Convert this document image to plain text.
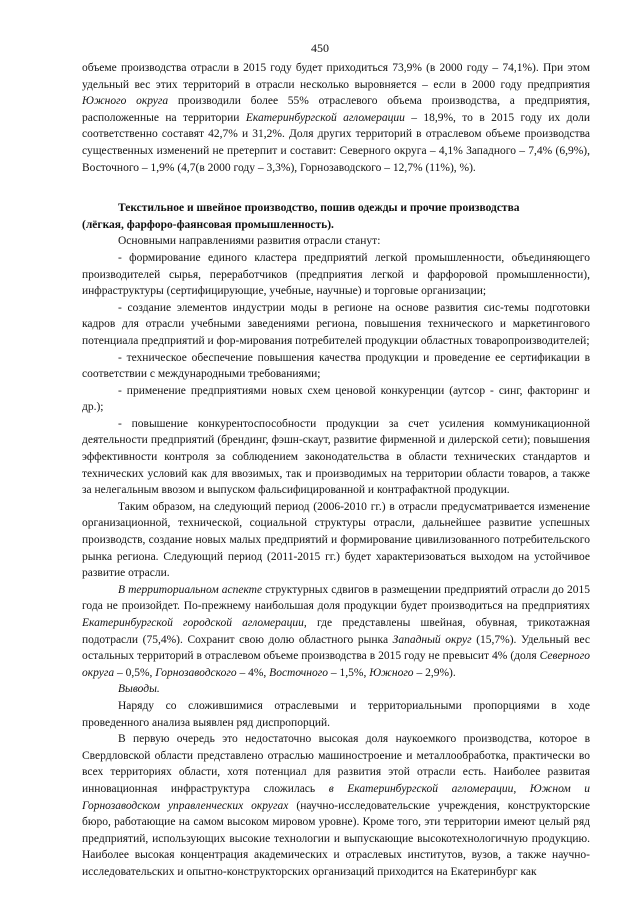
450

объеме производства отрасли в 2015 году будет приходиться 73,9% (в 2000 году – 74,1%). При этом удельный вес этих территорий в отрасли несколько выровняется – если в 2000 году предприятия Южного округа производили более 55% отраслевого объема производства, а предприятия, расположенные на территории Екатеринбургской агломерации – 18,9%, то в 2015 году их доли соответственно составят 42,7% и 31,2%. Доля других территорий в отраслевом объеме производства существенных изменений не претерпит и составит: Северного округа – 4,1% Западного – 7,4% (6,9%), Восточного – 1,9% (4,7(в 2000 году – 3,3%), Горнозаводского – 12,7% (11%), %).

Текстильное и швейное производство, пошив одежды и прочие производства

(лёгкая, фарфоро-фаянсовая промышленность).

Основными направлениями развития отрасли станут:

- формирование единого кластера предприятий легкой промышленности, объединяющего производителей сырья, переработчиков (предприятия легкой и фарфоровой промышленности), инфраструктуры (сертифицирующие, учебные, научные) и торговые организации;

- создание элементов индустрии моды в регионе на основе развития сис-темы подготовки кадров для отрасли учебными заведениями региона, повышения технического и маркетингового потенциала предприятий и фор-мирования потребителей продукции областных товаропроизводителей;

- техническое обеспечение повышения качества продукции и проведение ее сертификации в соответствии с международными требованиями;

- применение предприятиями новых схем ценовой конкуренции (аутсор - синг, факторинг и др.);

- повышение конкурентоспособности продукции за счет усиления коммуникационной деятельности предприятий (брендинг, фэшн-скаут, развитие фирменной и дилерской сети); повышения эффективности контроля за соблюдением законодательства в области технических стандартов и технических условий как для ввозимых, так и производимых на территории области товаров, а также за нелегальным ввозом и выпуском фальсифицированной и контрафактной продукции.

Таким образом, на следующий период (2006-2010 гг.) в отрасли предусматривается изменение организационной, технической, социальной структуры отрасли, дальнейшее развитие успешных производств, создание новых малых предприятий и формирование цивилизованного потребительского рынка региона. Следующий период (2011-2015 гг.) будет характеризоваться выходом на устойчивое развитие отрасли.

В территориальном аспекте структурных сдвигов в размещении предприятий отрасли до 2015 года не произойдет. По-прежнему наибольшая доля продукции будет производиться на предприятиях Екатеринбургской городской агломерации, где представлены швейная, обувная, трикотажная подотрасли (75,4%). Сохранит свою долю областного рынка Западный округ (15,7%). Удельный вес остальных территорий в отраслевом объеме производства в 2015 году не превысит 4% (доля Северного округа – 0,5%, Горнозаводского – 4%, Восточного – 1,5%, Южного – 2,9%).

Выводы.

Наряду со сложившимися отраслевыми и территориальными пропорциями в ходе проведенного анализа выявлен ряд диспропорций.

В первую очередь это недостаточно высокая доля наукоемкого производства, которое в Свердловской области представлено отраслью машиностроение и металлообработка, практически во всех территориях области, хотя потенциал для развития этой отрасли есть. Наиболее развитая инновационная инфраструктура сложилась в Екатеринбургской агломерации, Южном и Горнозаводском управленческих округах (научно-исследовательские учреждения, конструкторские бюро, работающие на самом высоком мировом уровне). Кроме того, эти территории имеют целый ряд предприятий, использующих высокие технологии и выпускающие высокотехнологичную продукцию. Наиболее высокая концентрация академических и отраслевых институтов, вузов, а также научно-исследовательских и опытно-конструкторских организаций приходится на Екатеринбург как
